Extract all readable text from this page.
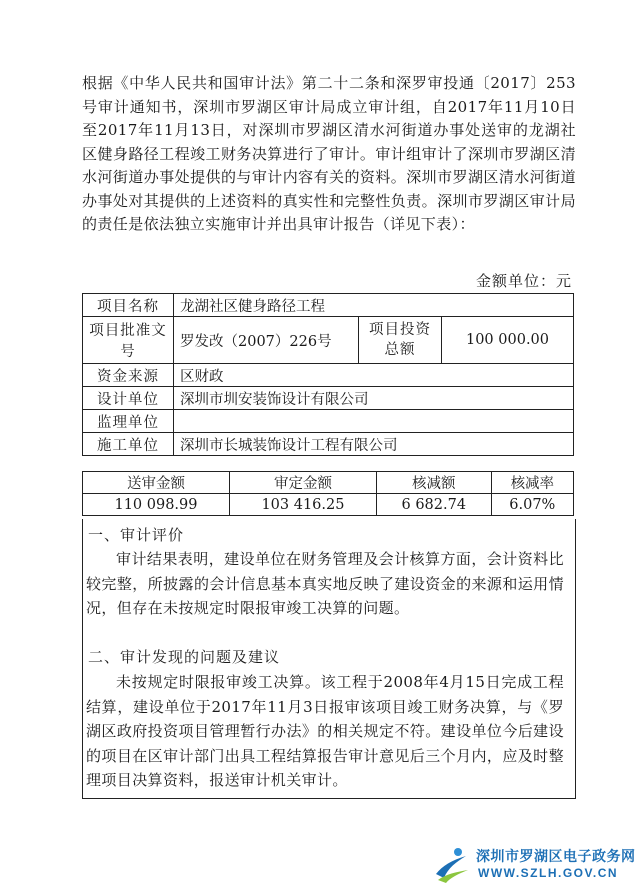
根据《中华人民共和国审计法》第二十二条和深罗审投通〔2017〕253号审计通知书，深圳市罗湖区审计局成立审计组，自2017年11月10日至2017年11月13日，对深圳市罗湖区清水河街道办事处送审的龙湖社区健身路径工程竣工财务决算进行了审计。审计组审计了深圳市罗湖区清水河街道办事处提供的与审计内容有关的资料。深圳市罗湖区清水河街道办事处对其提供的上述资料的真实性和完整性负责。深圳市罗湖区审计局的责任是依法独立实施审计并出具审计报告（详见下表）：
金额单位：元
项目名称	龙湖社区健身路径工程		
项目批准文号	罗发改（2007）226号	项目投资总额	100 000.00
资金来源	区财政		
设计单位	深圳市圳安装饰设计有限公司		
监理单位			
施工单位	深圳市长城装饰设计工程有限公司		
送审金额	审定金额	核减额	核减率
110 098.99	103 416.25	6 682.74	6.07%
一、审计评价
审计结果表明，建设单位在财务管理及会计核算方面，会计资料比较完整，所披露的会计信息基本真实地反映了建设资金的来源和运用情况，但存在未按规定时限报审竣工决算的问题。
二、审计发现的问题及建议
未按规定时限报审竣工决算。该工程于2008年4月15日完成工程结算，建设单位于2017年11月3日报审该项目竣工财务决算，与《罗湖区政府投资项目管理暂行办法》的相关规定不符。建设单位今后建设的项目在区审计部门出具工程结算报告审计意见后三个月内，应及时整理项目决算资料，报送审计机关审计。
深圳市罗湖区电子政务网
WWW.SZLH.GOV.CN
